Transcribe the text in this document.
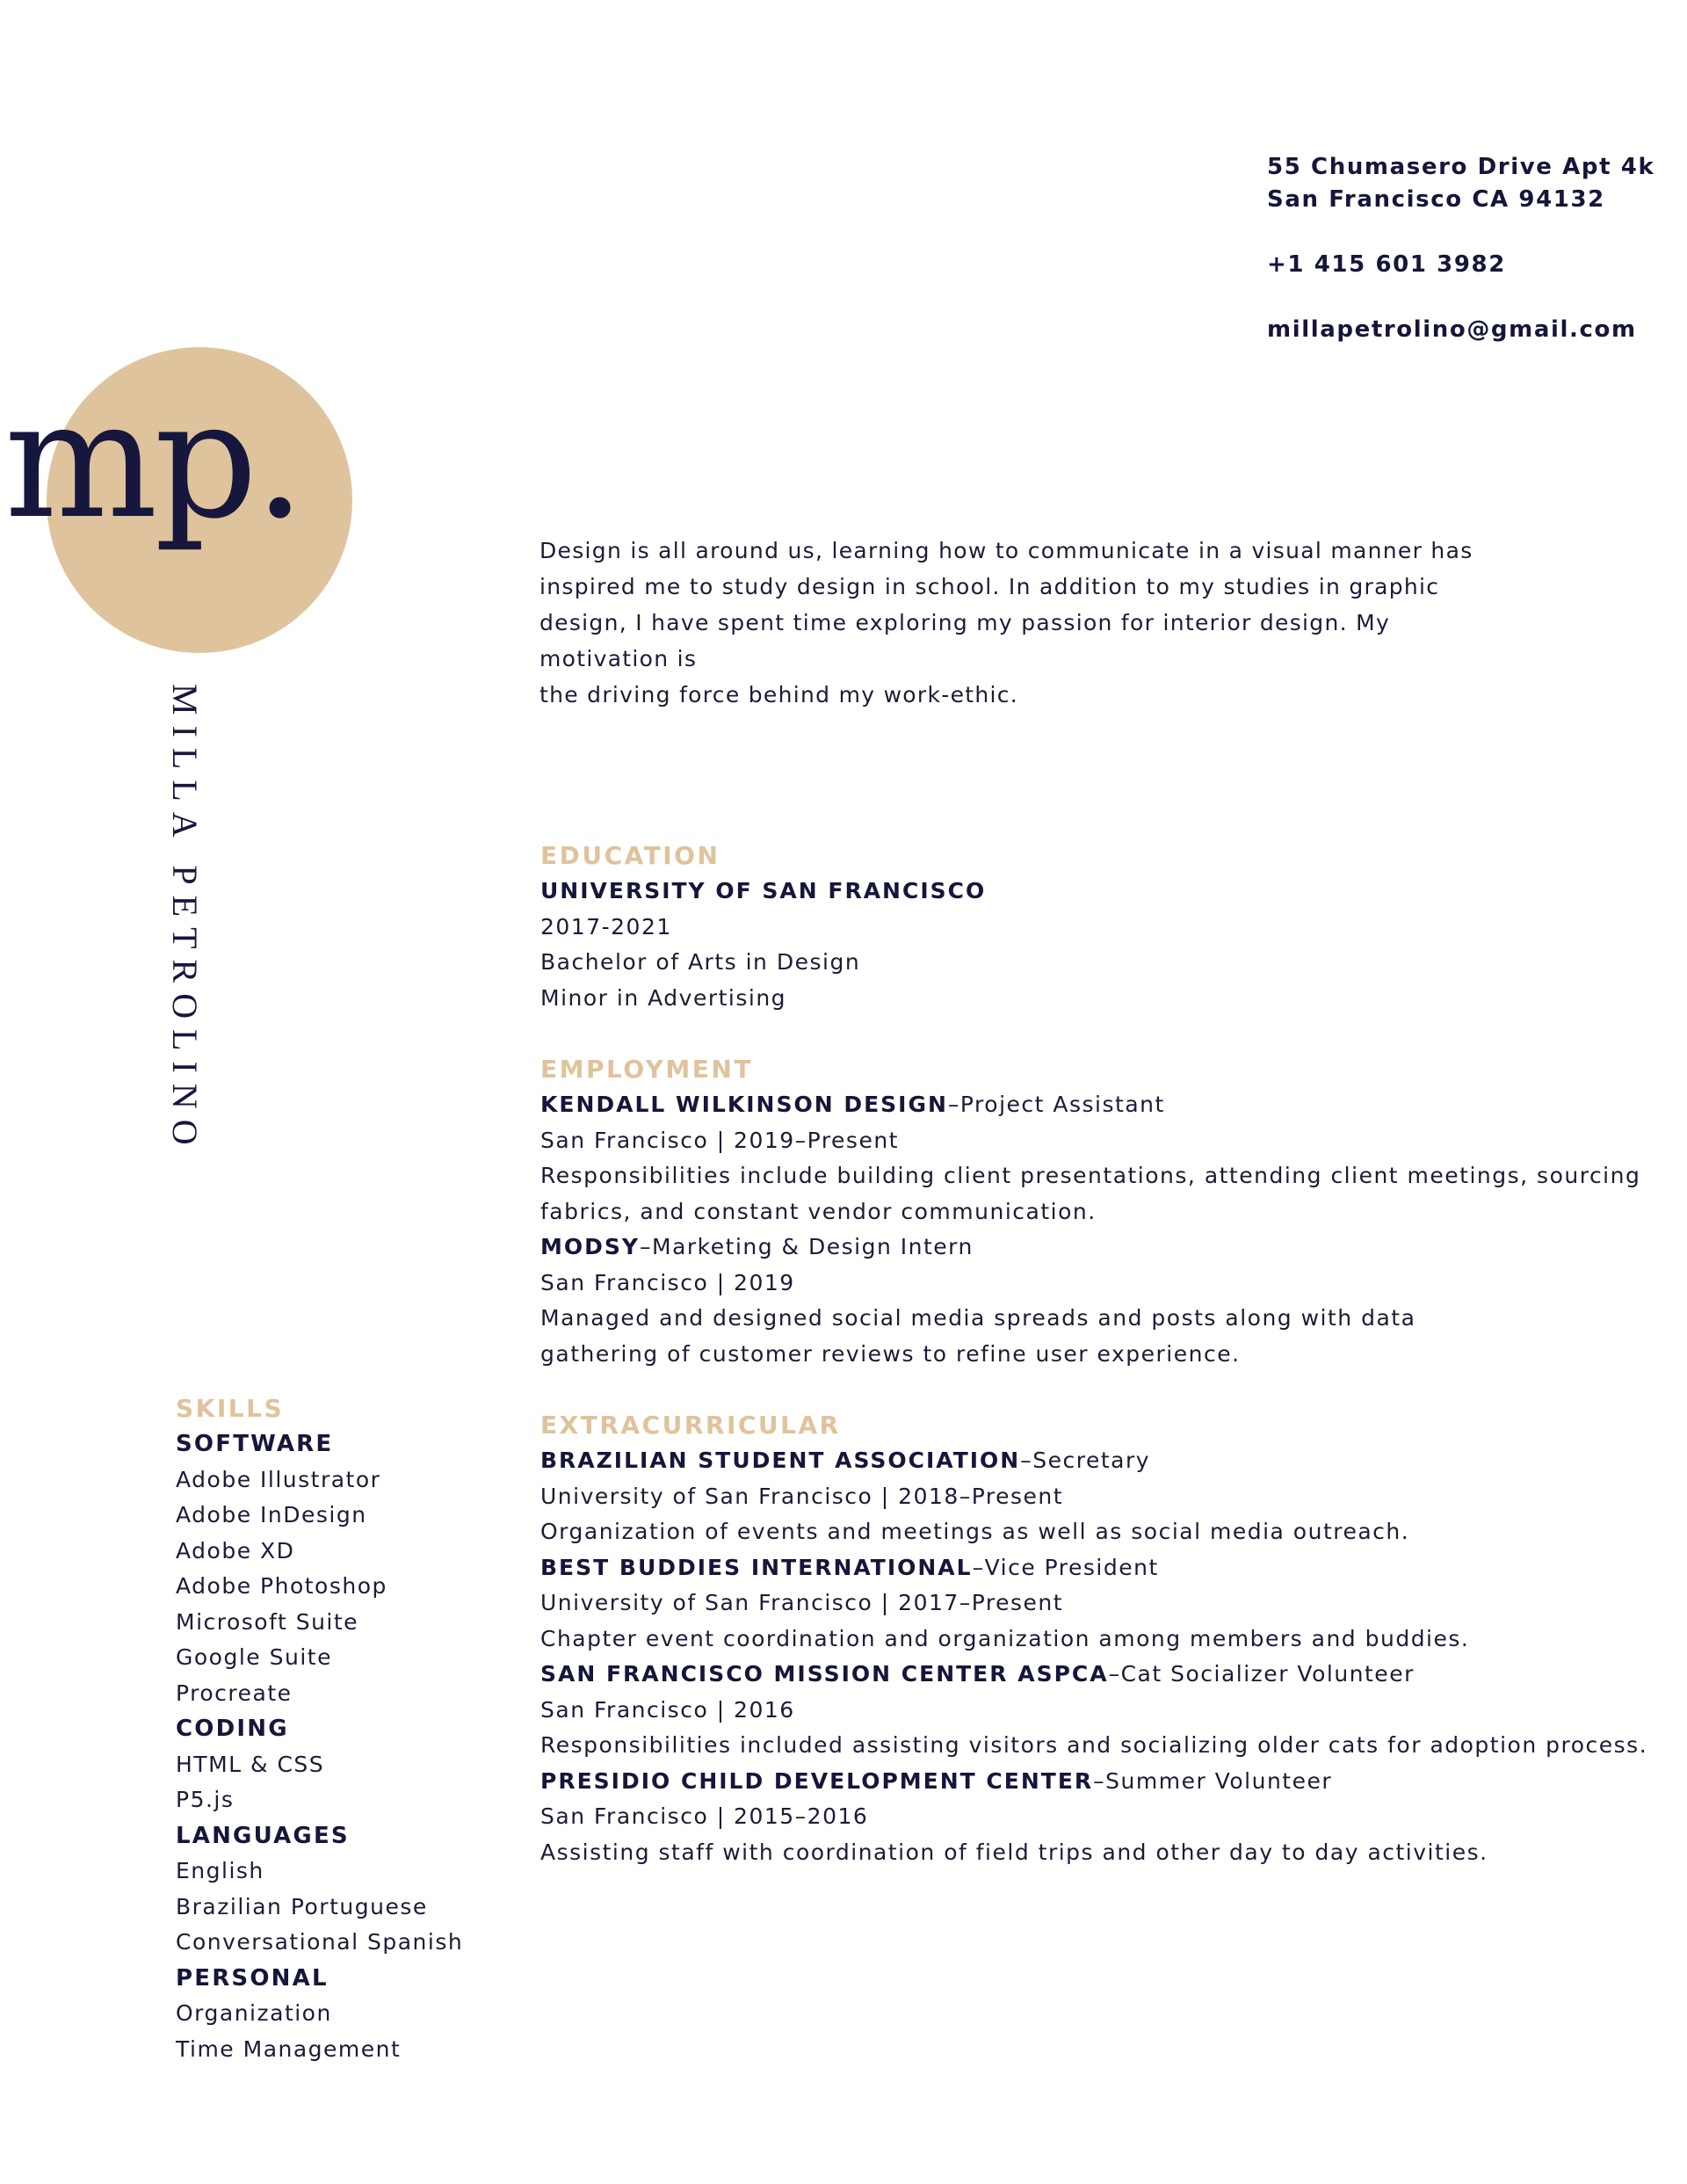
55 Chumasero Drive Apt 4k
San Francisco CA 94132
+1 415 601 3982
millapetrolino@gmail.com
mp.
MILLA PETROLINO
Design is all around us, learning how to communicate in a visual manner has
inspired me to study design in school. In addition to my studies in graphic
design, I have spent time exploring my passion for interior design. My motivation is
the driving force behind my work-ethic.
EDUCATION
UNIVERSITY OF SAN FRANCISCO
2017-2021
Bachelor of Arts in Design
Minor in Advertising
EMPLOYMENT
KENDALL WILKINSON DESIGN–Project Assistant
San Francisco | 2019–Present
Responsibilities include building client presentations, attending client meetings, sourcing
fabrics, and constant vendor communication.
MODSY–Marketing & Design Intern
San Francisco | 2019
Managed and designed social media spreads and posts along with data
gathering of customer reviews to refine user experience.
EXTRACURRICULAR
BRAZILIAN STUDENT ASSOCIATION–Secretary
University of San Francisco | 2018–Present
Organization of events and meetings as well as social media outreach.
BEST BUDDIES INTERNATIONAL–Vice President
University of San Francisco | 2017–Present
Chapter event coordination and organization among members and buddies.
SAN FRANCISCO MISSION CENTER ASPCA–Cat Socializer Volunteer
San Francisco | 2016
Responsibilities included assisting visitors and socializing older cats for adoption process.
PRESIDIO CHILD DEVELOPMENT CENTER–Summer Volunteer
San Francisco | 2015–2016
Assisting staff with coordination of field trips and other day to day activities.
SKILLS
SOFTWARE
Adobe Illustrator
Adobe InDesign
Adobe XD
Adobe Photoshop
Microsoft Suite
Google Suite
Procreate
CODING
HTML & CSS
P5.js
LANGUAGES
English
Brazilian Portuguese
Conversational Spanish
PERSONAL
Organization
Time Management
